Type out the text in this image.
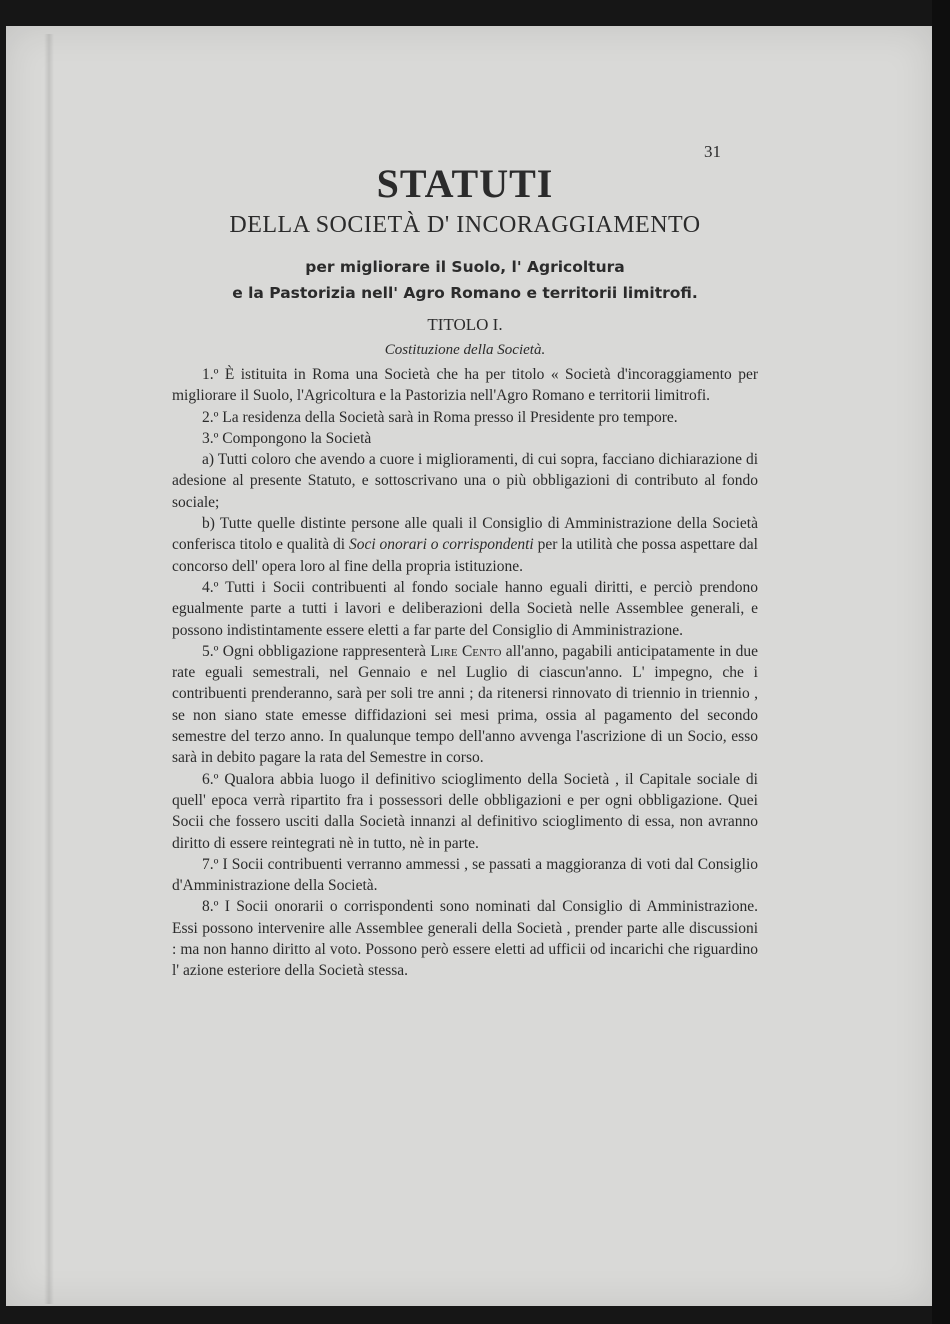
31
STATUTI
DELLA SOCIETÀ D' INCORAGGIAMENTO

per migliorare il Suolo, l' Agricoltura

e la Pastorizia nell' Agro Romano e territorii limitrofi.

TITOLO I.
Costituzione della Società.

1.º È istituita in Roma una Società che ha per titolo « Società d'incoraggiamento per migliorare il Suolo, l'Agricoltura e la Pastorizia nell'Agro Romano e territorii limitrofi.

2.º La residenza della Società sarà in Roma presso il Presidente pro tempore.

3.º Compongono la Società

a) Tutti coloro che avendo a cuore i miglioramenti, di cui sopra, facciano dichiarazione di adesione al presente Statuto, e sottoscrivano una o più obbligazioni di contributo al fondo sociale;

b) Tutte quelle distinte persone alle quali il Consiglio di Amministrazione della Società conferisca titolo e qualità di Soci onorari o corrispondenti per la utilità che possa aspettare dal concorso dell' opera loro al fine della propria istituzione.

4.º Tutti i Socii contribuenti al fondo sociale hanno eguali diritti, e perciò prendono egualmente parte a tutti i lavori e deliberazioni della Società nelle Assemblee generali, e possono indistintamente essere eletti a far parte del Consiglio di Amministrazione.

5.º Ogni obbligazione rappresenterà Lire Cento all'anno, pagabili anticipatamente in due rate eguali semestrali, nel Gennaio e nel Luglio di ciascun'anno. L' impegno, che i contribuenti prenderanno, sarà per soli tre anni ; da ritenersi rinnovato di triennio in triennio , se non siano state emesse diffidazioni sei mesi prima, ossia al pagamento del secondo semestre del terzo anno. In qualunque tempo dell'anno avvenga l'ascrizione di un Socio, esso sarà in debito pagare la rata del Semestre in corso.

6.º Qualora abbia luogo il definitivo scioglimento della Società , il Capitale sociale di quell' epoca verrà ripartito fra i possessori delle obbligazioni e per ogni obbligazione. Quei Socii che fossero usciti dalla Società innanzi al definitivo scioglimento di essa, non avranno diritto di essere reintegrati nè in tutto, nè in parte.

7.º I Socii contribuenti verranno ammessi , se passati a maggioranza di voti dal Consiglio d'Amministrazione della Società.

8.º I Socii onorarii o corrispondenti sono nominati dal Consiglio di Amministrazione. Essi possono intervenire alle Assemblee generali della Società , prender parte alle discussioni : ma non hanno diritto al voto. Possono però essere eletti ad ufficii od incarichi che riguardino l' azione esteriore della Società stessa.
